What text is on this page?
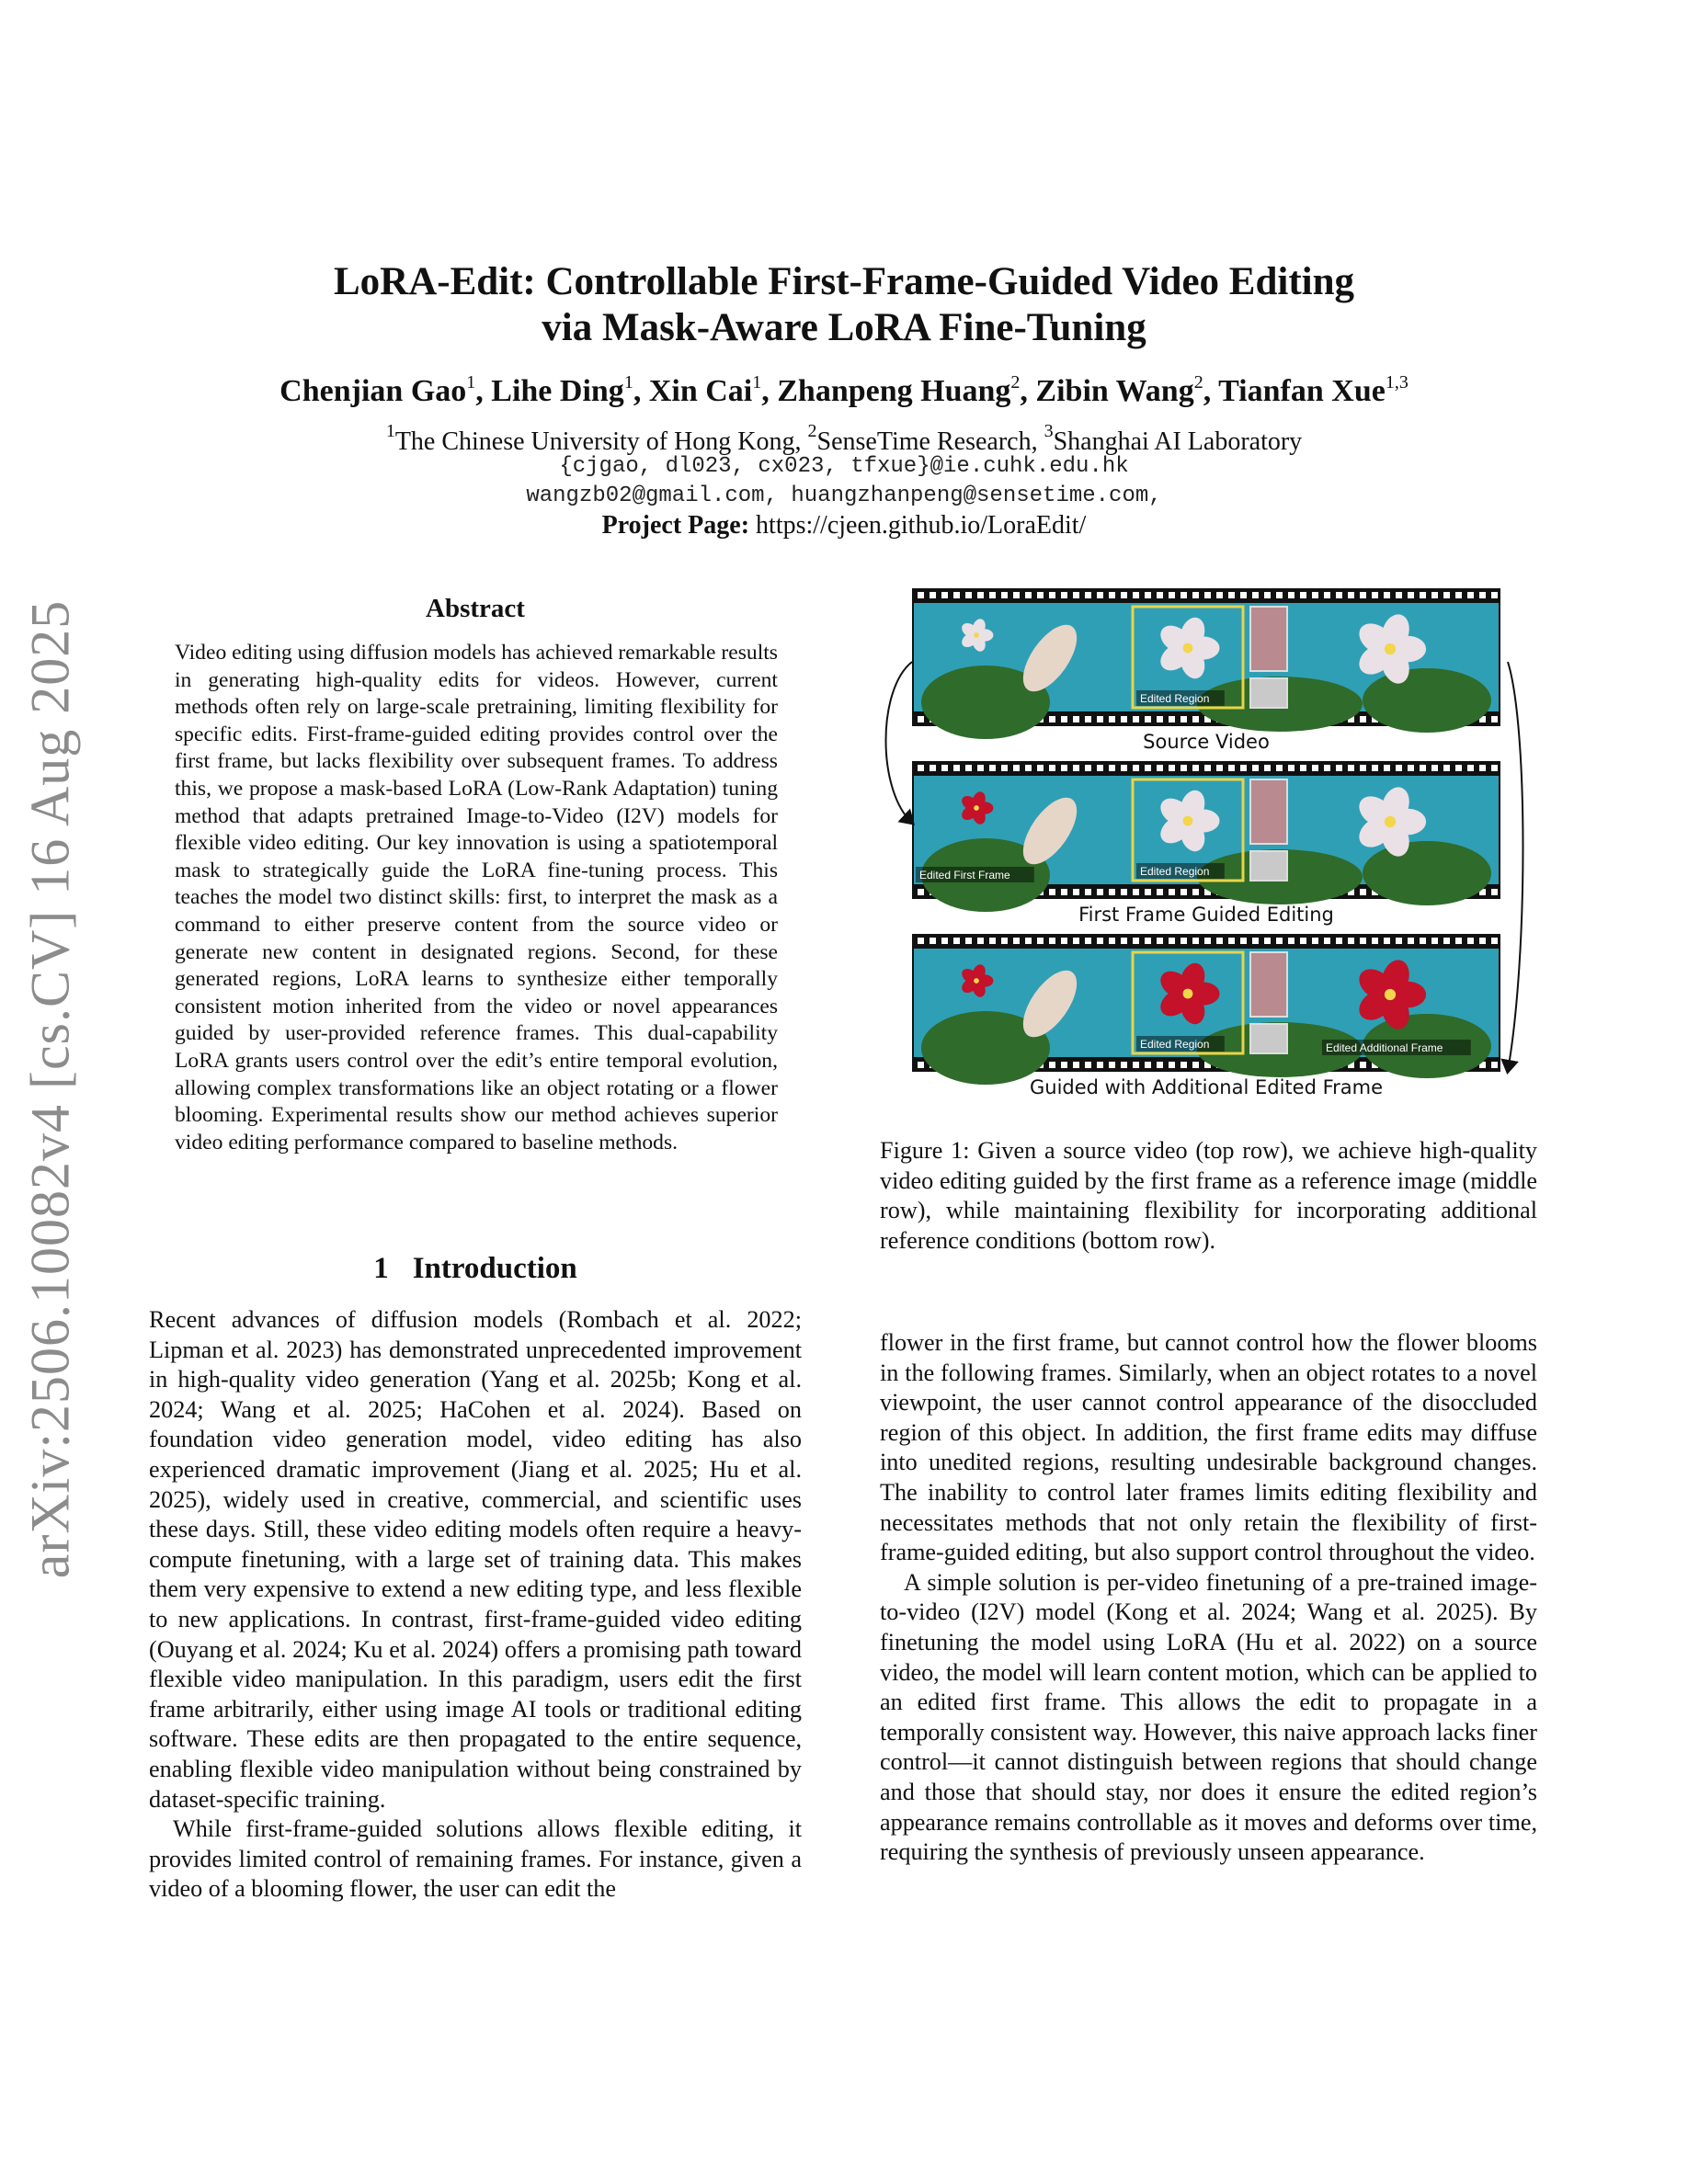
arXiv:2506.10082v4 [cs.CV] 16 Aug 2025
LoRA-Edit: Controllable First-Frame-Guided Video Editing
via Mask-Aware LoRA Fine-Tuning
Chenjian Gao$^1$, Lihe Ding$^1$, Xin Cai$^1$, Zhanpeng Huang$^2$, Zibin Wang$^2$, Tianfan Xue$^{1,3}$
$^1$The Chinese University of Hong Kong, $^2$SenseTime Research, $^3$Shanghai AI Laboratory
{cjgao, dl023, cx023, tfxue}@ie.cuhk.edu.hk
wangzb02@gmail.com, huangzhanpeng@sensetime.com,
Project Page: https://cjeen.github.io/LoraEdit/
Abstract
Video editing using diffusion models has achieved remarkable results in generating high-quality edits for videos. However, current methods often rely on large-scale pretraining, limiting flexibility for specific edits. First-frame-guided editing provides control over the first frame, but lacks flexibility over subsequent frames. To address this, we propose a mask-based LoRA (Low-Rank Adaptation) tuning method that adapts pretrained Image-to-Video (I2V) models for flexible video editing. Our key innovation is using a spatiotemporal mask to strategically guide the LoRA fine-tuning process. This teaches the model two distinct skills: first, to interpret the mask as a command to either preserve content from the source video or generate new content in designated regions. Second, for these generated regions, LoRA learns to synthesize either temporally consistent motion inherited from the video or novel appearances guided by user-provided reference frames. This dual-capability LoRA grants users control over the edit’s entire temporal evolution, allowing complex transformations like an object rotating or a flower blooming. Experimental results show our method achieves superior video editing performance compared to baseline methods.
1 Introduction

Recent advances of diffusion models (Rombach et al. 2022; Lipman et al. 2023) has demonstrated unprecedented improvement in high-quality video generation (Yang et al. 2025b; Kong et al. 2024; Wang et al. 2025; HaCohen et al. 2024). Based on foundation video generation model, video editing has also experienced dramatic improvement (Jiang et al. 2025; Hu et al. 2025), widely used in creative, commercial, and scientific uses these days. Still, these video editing models often require a heavy-compute finetuning, with a large set of training data. This makes them very expensive to extend a new editing type, and less flexible to new applications. In contrast, first-frame-guided video editing (Ouyang et al. 2024; Ku et al. 2024) offers a promising path toward flexible video manipulation. In this paradigm, users edit the first frame arbitrarily, either using image AI tools or traditional editing software. These edits are then propagated to the entire sequence, enabling flexible video manipulation without being constrained by dataset-specific training.

While first-frame-guided solutions allows flexible editing, it provides limited control of remaining frames. For instance, given a video of a blooming flower, the user can edit the

flower in the first frame, but cannot control how the flower blooms in the following frames. Similarly, when an object rotates to a novel viewpoint, the user cannot control appearance of the disoccluded region of this object. In addition, the first frame edits may diffuse into unedited regions, resulting undesirable background changes. The inability to control later frames limits editing flexibility and necessitates methods that not only retain the flexibility of first-frame-guided editing, but also support control throughout the video.

A simple solution is per-video finetuning of a pre-trained image-to-video (I2V) model (Kong et al. 2024; Wang et al. 2025). By finetuning the model using LoRA (Hu et al. 2022) on a source video, the model will learn content motion, which can be applied to an edited first frame. This allows the edit to propagate in a temporally consistent way. However, this naive approach lacks finer control—it cannot distinguish between regions that should change and those that should stay, nor does it ensure the edited region’s appearance remains controllable as it moves and deforms over time, requiring the synthesis of previously unseen appearance.

Edited Region
Source Video
Edited First Frame	Edited Region
First Frame Guided Editing
Edited Region	Edited Additional Frame
Guided with Additional Edited Frame
Figure 1: Given a source video (top row), we achieve high-quality video editing guided by the first frame as a reference image (middle row), while maintaining flexibility for incorporating additional reference conditions (bottom row).
